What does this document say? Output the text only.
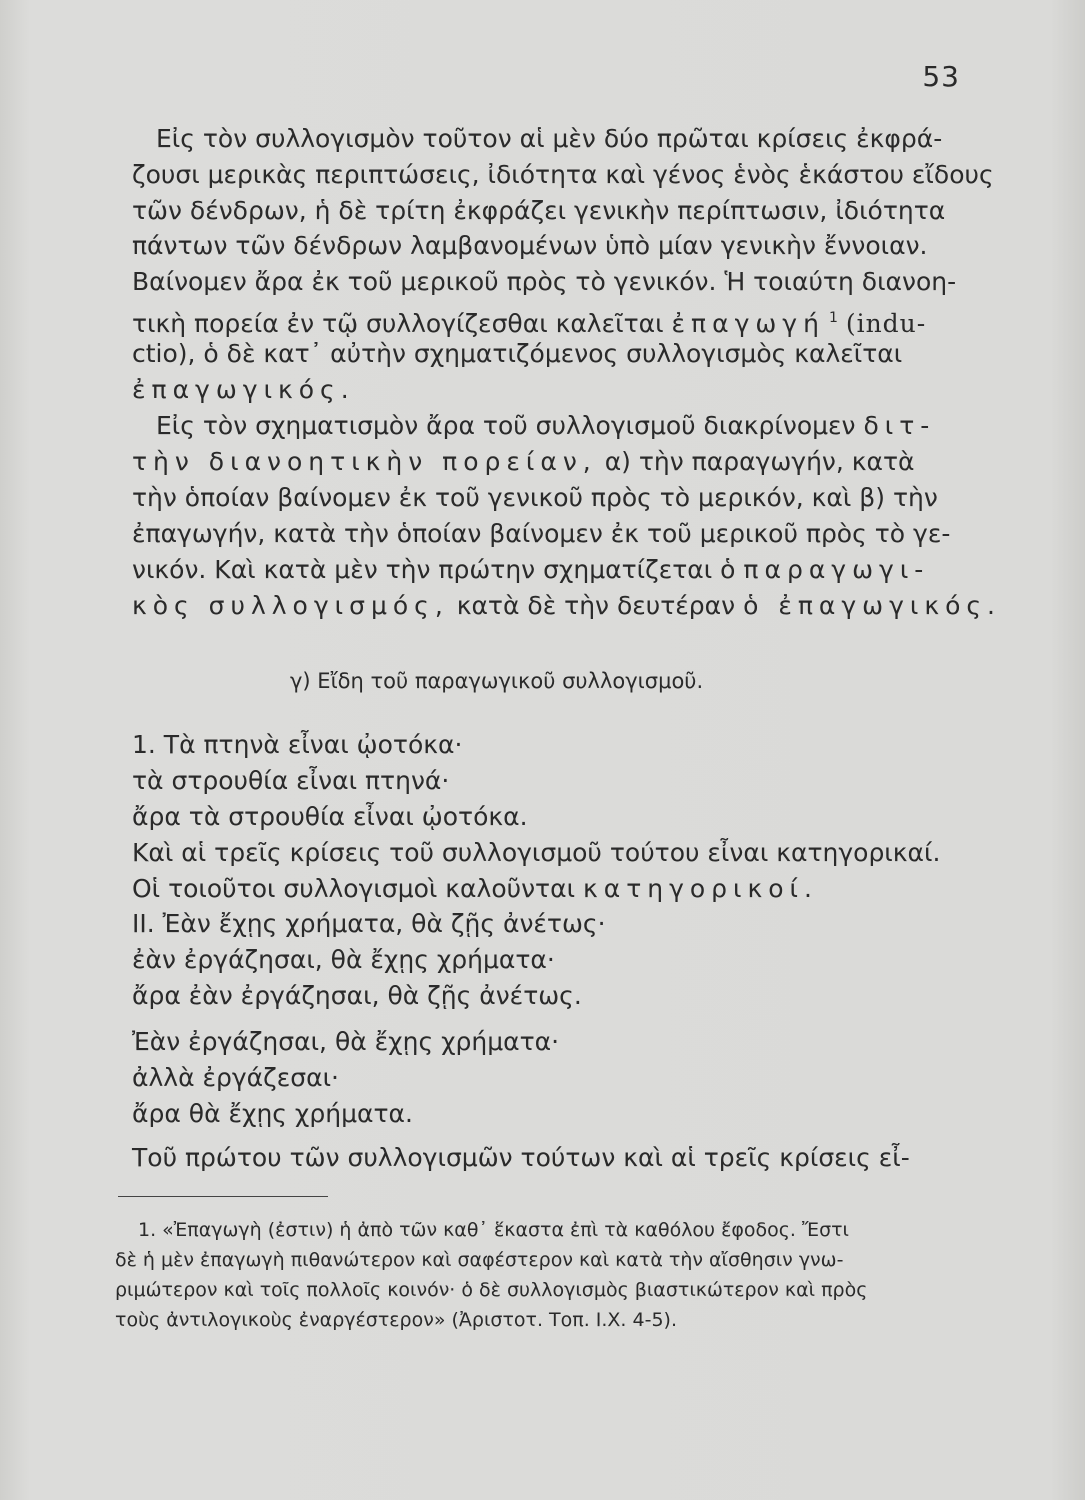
53
Εἰς τὸν συλλογισμὸν τοῦτον αἱ μὲν δύο πρῶται κρίσεις ἐκφρά-
ζουσι μερικὰς περιπτώσεις, ἰδιότητα καὶ γένος ἑνὸς ἑκάστου εἴδους
τῶν δένδρων, ἡ δὲ τρίτη ἐκφράζει γενικὴν περίπτωσιν, ἰδιότητα
πάντων τῶν δένδρων λαμβανομένων ὑπὸ μίαν γενικὴν ἔννοιαν.
Βαίνομεν ἄρα ἐκ τοῦ μερικοῦ πρὸς τὸ γενικόν. Ἡ τοιαύτη διανοη-
τικὴ πορεία ἐν τῷ συλλογίζεσθαι καλεῖται ἐπαγωγή $^1$ (indu-
ctio), ὁ δὲ κατ᾽ αὐτὴν σχηματιζόμενος συλλογισμὸς καλεῖται
ἐπαγωγικός.
Εἰς τὸν σχηματισμὸν ἄρα τοῦ συλλογισμοῦ διακρίνομεν διτ-
τὴν διανοητικὴν πορείαν, α) τὴν παραγωγήν, κατὰ
τὴν ὁποίαν βαίνομεν ἐκ τοῦ γενικοῦ πρὸς τὸ μερικόν, καὶ β) τὴν
ἐπαγωγήν, κατὰ τὴν ὁποίαν βαίνομεν ἐκ τοῦ μερικοῦ πρὸς τὸ γε-
νικόν. Καὶ κατὰ μὲν τὴν πρώτην σχηματίζεται ὁ παραγωγι-
κὸς συλλογισμός, κατὰ δὲ τὴν δευτέραν ὁ ἐπαγωγικός.
γ) Εἴδη τοῦ παραγωγικοῦ συλλογισμοῦ.
1. Τὰ πτηνὰ εἶναι ᾠοτόκα·
τὰ στρουθία εἶναι πτηνά·
ἄρα τὰ στρουθία εἶναι ᾠοτόκα.
Καὶ αἱ τρεῖς κρίσεις τοῦ συλλογισμοῦ τούτου εἶναι κατηγορικαί.
Οἱ τοιοῦτοι συλλογισμοὶ καλοῦνται κατηγορικοί.
ΙΙ. Ἐὰν ἔχῃς χρήματα, θὰ ζῇς ἀνέτως·
ἐὰν ἐργάζησαι, θὰ ἔχῃς χρήματα·
ἄρα ἐὰν ἐργάζησαι, θὰ ζῇς ἀνέτως.
Ἐὰν ἐργάζησαι, θὰ ἔχῃς χρήματα·
ἀλλὰ ἐργάζεσαι·
ἄρα θὰ ἔχῃς χρήματα.
Τοῦ πρώτου τῶν συλλογισμῶν τούτων καὶ αἱ τρεῖς κρίσεις εἶ-
1. «Ἐπαγωγὴ (ἐστιν) ἡ ἀπὸ τῶν καθ᾽ ἕκαστα ἐπὶ τὰ καθόλου ἔφοδος. Ἔστι
δὲ ἡ μὲν ἐπαγωγὴ πιθανώτερον καὶ σαφέστερον καὶ κατὰ τὴν αἴσθησιν γνω-
ριμώτερον καὶ τοῖς πολλοῖς κοινόν· ὁ δὲ συλλογισμὸς βιαστικώτερον καὶ πρὸς
τοὺς ἀντιλογικοὺς ἐναργέστερον» (Ἀριστοτ. Τοπ. Ι.Χ. 4-5).
